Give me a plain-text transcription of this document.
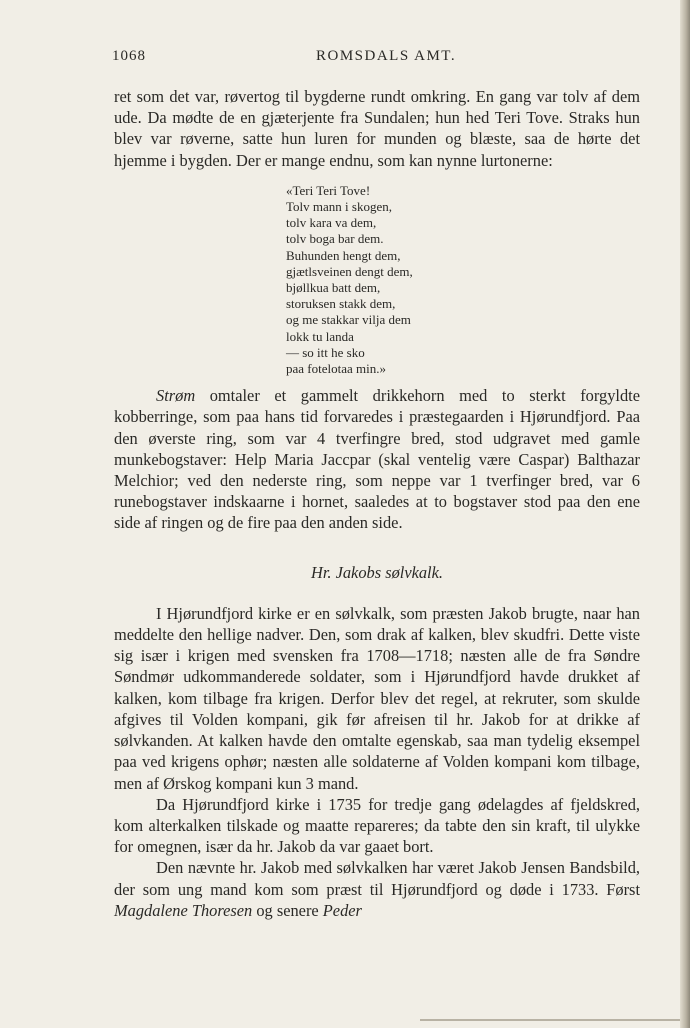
1068	ROMSDALS AMT.

ret som det var, røvertog til bygderne rundt omkring. En gang var tolv af dem ude. Da mødte de en gjæterjente fra Sundalen; hun hed Teri Tove. Straks hun blev var røverne, satte hun luren for munden og blæste, saa de hørte det hjemme i bygden. Der er mange endnu, som kan nynne lurtonerne:

«Teri Teri Tove!
Tolv mann i skogen,
tolv kara va dem,
tolv boga bar dem.
Buhunden hengt dem,
gjætlsveinen dengt dem,
bjøllkua batt dem,
storuksen stakk dem,
og me stakkar vilja dem
lokk tu landa
— so itt he sko
paa fotelotaa min.»

Strøm omtaler et gammelt drikkehorn med to sterkt forgyldte kobberringe, som paa hans tid forvaredes i præstegaarden i Hjørundfjord. Paa den øverste ring, som var 4 tverfingre bred, stod udgravet med gamle munkebogstaver: Help Maria Jaccpar (skal ventelig være Caspar) Balthazar Melchior; ved den nederste ring, som neppe var 1 tverfinger bred, var 6 runebogstaver indskaarne i hornet, saaledes at to bogstaver stod paa den ene side af ringen og de fire paa den anden side.

Hr. Jakobs sølvkalk.

I Hjørundfjord kirke er en sølvkalk, som præsten Jakob brugte, naar han meddelte den hellige nadver. Den, som drak af kalken, blev skudfri. Dette viste sig især i krigen med svensken fra 1708—1718; næsten alle de fra Søndre Søndmør udkommanderede soldater, som i Hjørundfjord havde drukket af kalken, kom tilbage fra krigen. Derfor blev det regel, at rekruter, som skulde afgives til Volden kompani, gik før afreisen til hr. Jakob for at drikke af sølvkanden. At kalken havde den omtalte egenskab, saa man tydelig eksempel paa ved krigens ophør; næsten alle soldaterne af Volden kompani kom tilbage, men af Ørskog kompani kun 3 mand.

Da Hjørundfjord kirke i 1735 for tredje gang ødelagdes af fjeldskred, kom alterkalken tilskade og maatte repareres; da tabte den sin kraft, til ulykke for omegnen, især da hr. Jakob da var gaaet bort.

Den nævnte hr. Jakob med sølvkalken har været Jakob Jensen Bandsbild, der som ung mand kom som præst til Hjørundfjord og døde i 1733. Først Magdalene Thoresen og senere Peder
